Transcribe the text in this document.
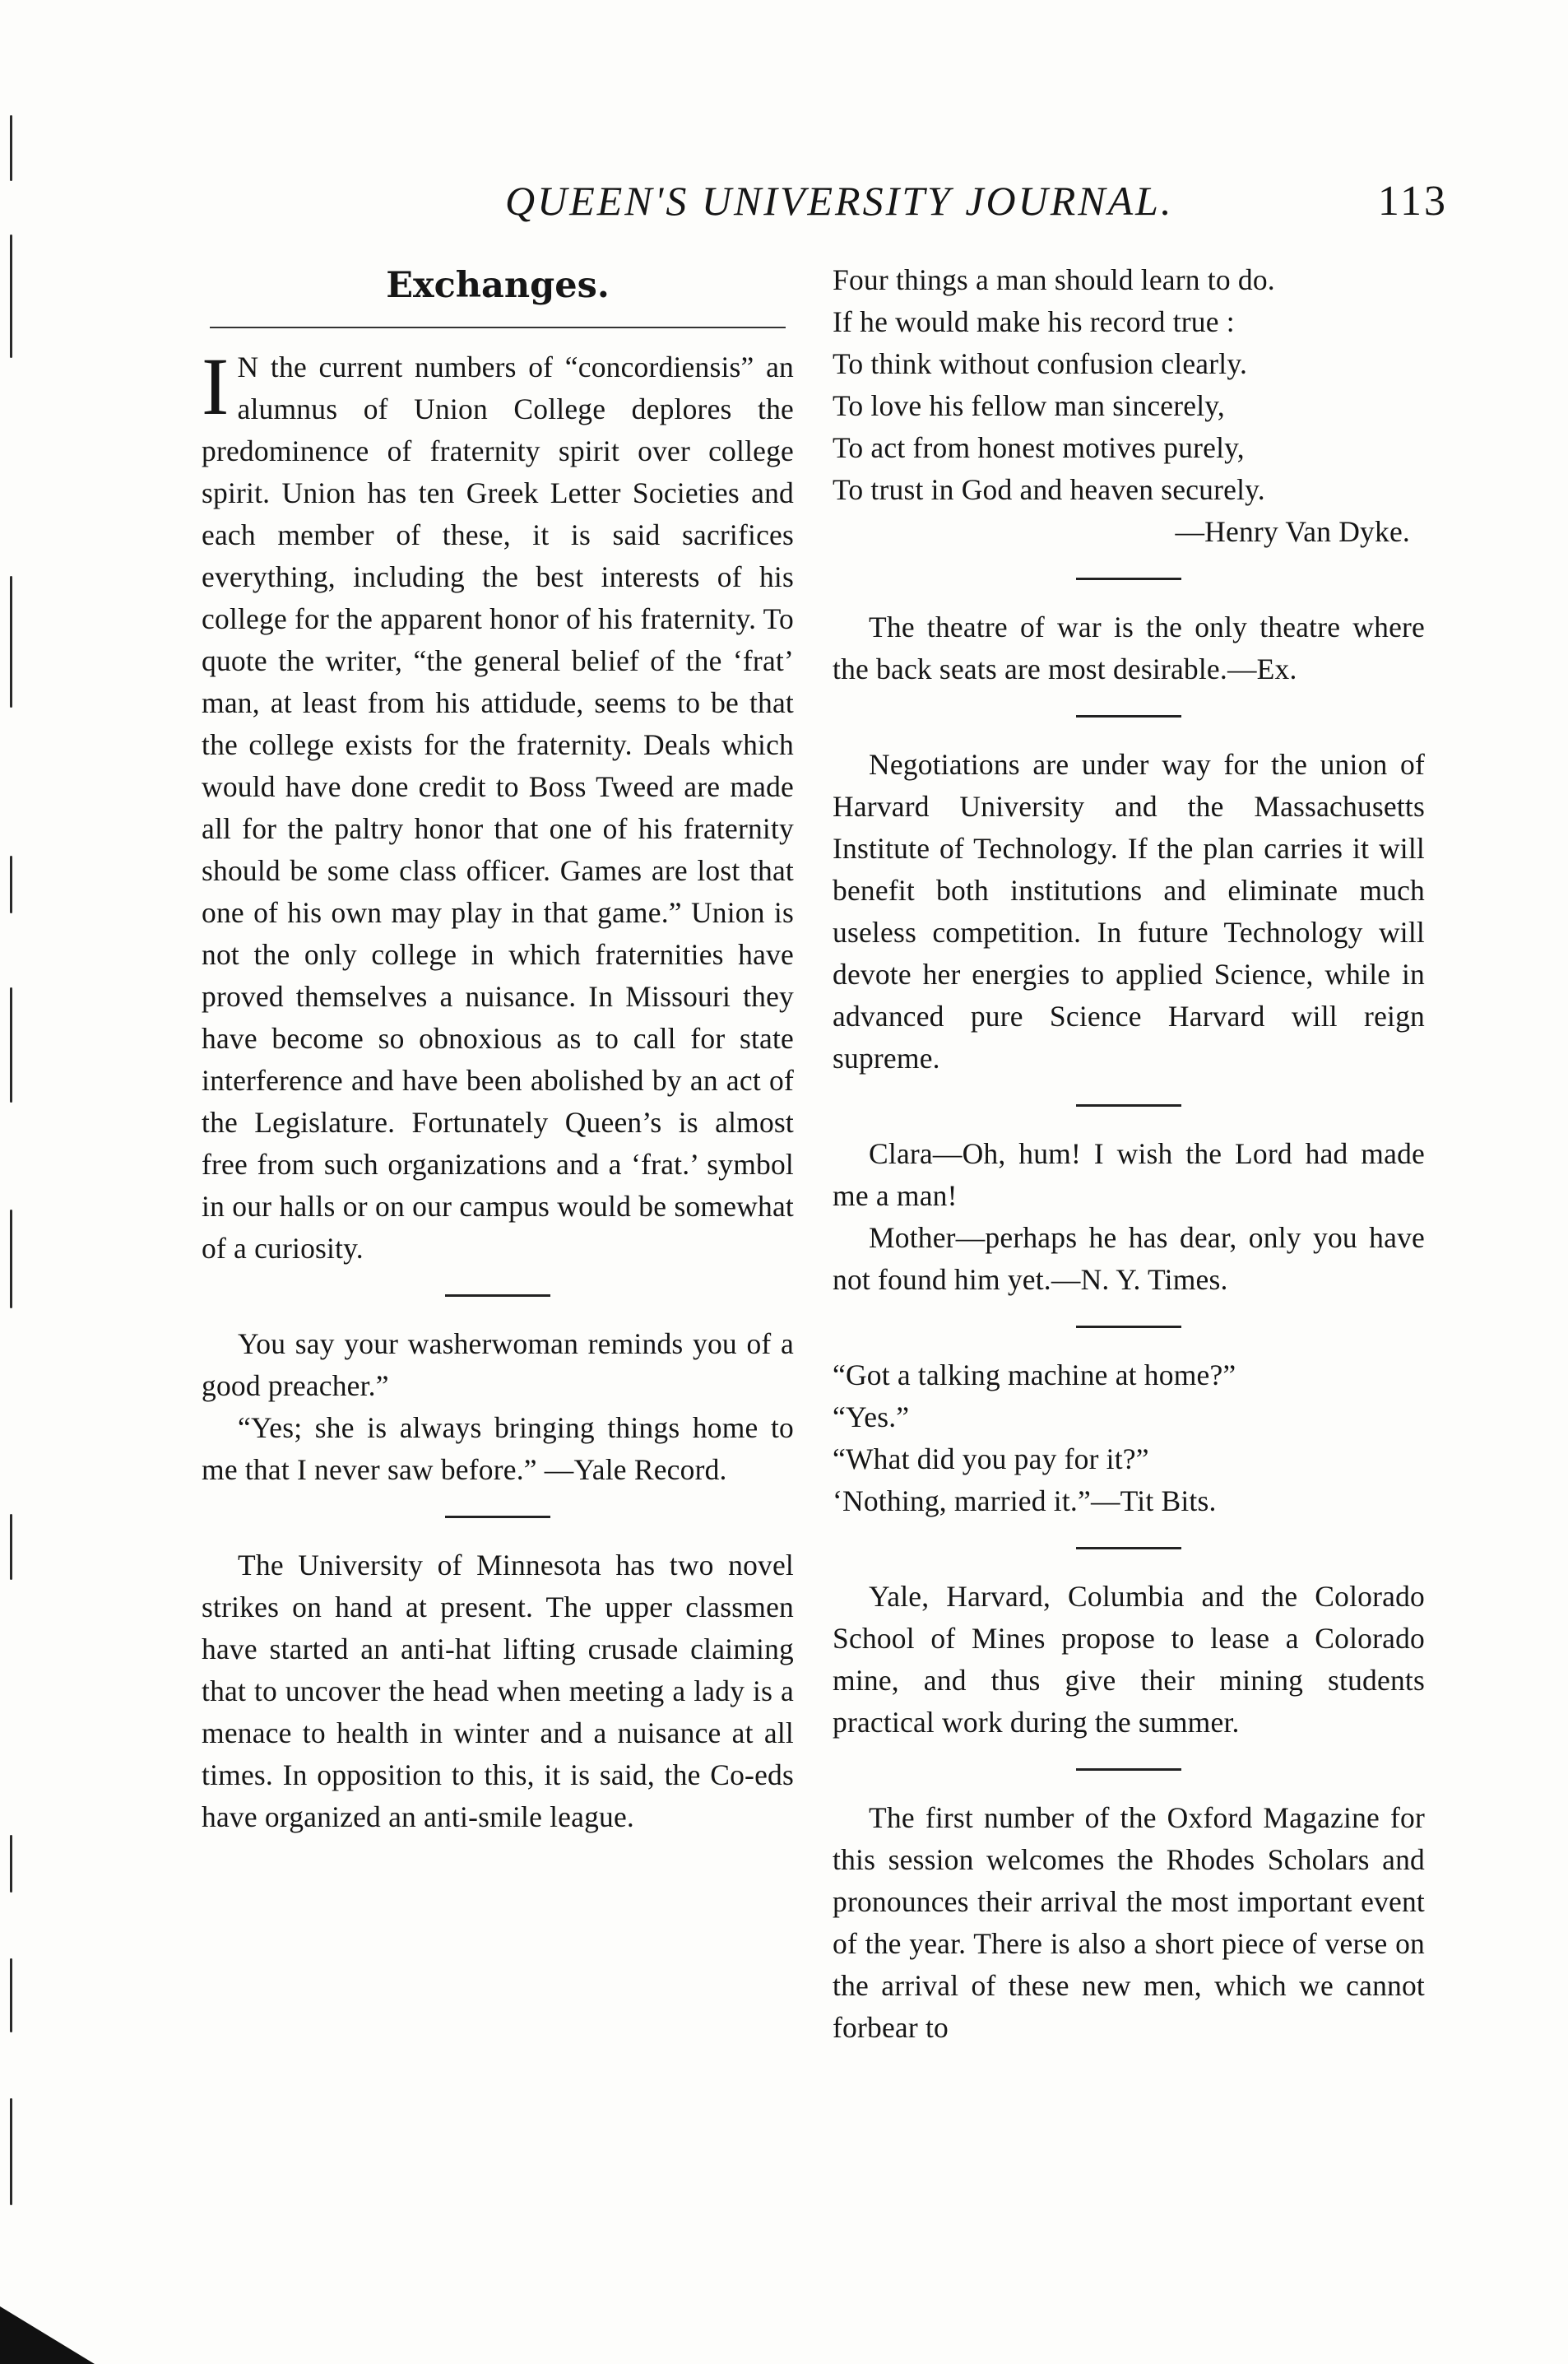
QUEEN'S UNIVERSITY JOURNAL.	113
Exchanges.

I N the current numbers of “concordiensis” an alumnus of Union College deplores the predominence of fraternity spirit over college spirit. Union has ten Greek Letter Societies and each member of these, it is said sacrifices everything, including the best interests of his college for the apparent honor of his fraternity. To quote the writer, “the general belief of the ‘frat’ man, at least from his attidude, seems to be that the college exists for the fraternity. Deals which would have done credit to Boss Tweed are made all for the paltry honor that one of his fraternity should be some class officer. Games are lost that one of his own may play in that game.” Union is not the only college in which fraternities have proved themselves a nuisance. In Missouri they have become so obnoxious as to call for state interference and have been abolished by an act of the Legislature. Fortunately Queen’s is almost free from such organizations and a ‘frat.’ symbol in our halls or on our campus would be somewhat of a curiosity.

You say your washerwoman reminds you of a good preacher.”

“Yes; she is always bringing things home to me that I never saw before.” —Yale Record.

The University of Minnesota has two novel strikes on hand at present. The upper classmen have started an anti-hat lifting crusade claiming that to uncover the head when meeting a lady is a menace to health in winter and a nuisance at all times. In opposition to this, it is said, the Co-eds have organized an anti-smile league.

Four things a man should learn to do.

If he would make his record true :

To think without confusion clearly.

To love his fellow man sincerely,

To act from honest motives purely,

To trust in God and heaven securely.

—Henry Van Dyke.

The theatre of war is the only theatre where the back seats are most desirable.—Ex.

Negotiations are under way for the union of Harvard University and the Massachusetts Institute of Technology. If the plan carries it will benefit both institutions and eliminate much useless competition. In future Technology will devote her energies to applied Science, while in advanced pure Science Harvard will reign supreme.

Clara—Oh, hum! I wish the Lord had made me a man!

Mother—perhaps he has dear, only you have not found him yet.—N. Y. Times.

“Got a talking machine at home?”

“Yes.”

“What did you pay for it?”

‘Nothing, married it.”—Tit Bits.

Yale, Harvard, Columbia and the Colorado School of Mines propose to lease a Colorado mine, and thus give their mining students practical work during the summer.

The first number of the Oxford Magazine for this session welcomes the Rhodes Scholars and pronounces their arrival the most important event of the year. There is also a short piece of verse on the arrival of these new men, which we cannot forbear to
